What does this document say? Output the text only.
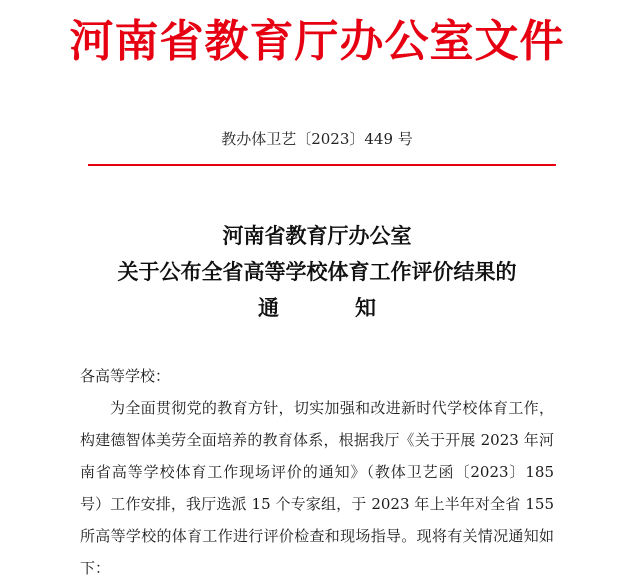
河南省教育厅办公室文件
教办体卫艺〔2023〕449 号
河南省教育厅办公室
关于公布全省高等学校体育工作评价结果的
通	知

各高等学校：

为全面贯彻党的教育方针，切实加强和改进新时代学校体育工作，构建德智体美劳全面培养的教育体系，根据我厅《关于开展 2023 年河南省高等学校体育工作现场评价的通知》（教体卫艺函〔2023〕185 号）工作安排，我厅选派 15 个专家组，于 2023 年上半年对全省 155 所高等学校的体育工作进行评价检查和现场指导。现将有关情况通知如下：
